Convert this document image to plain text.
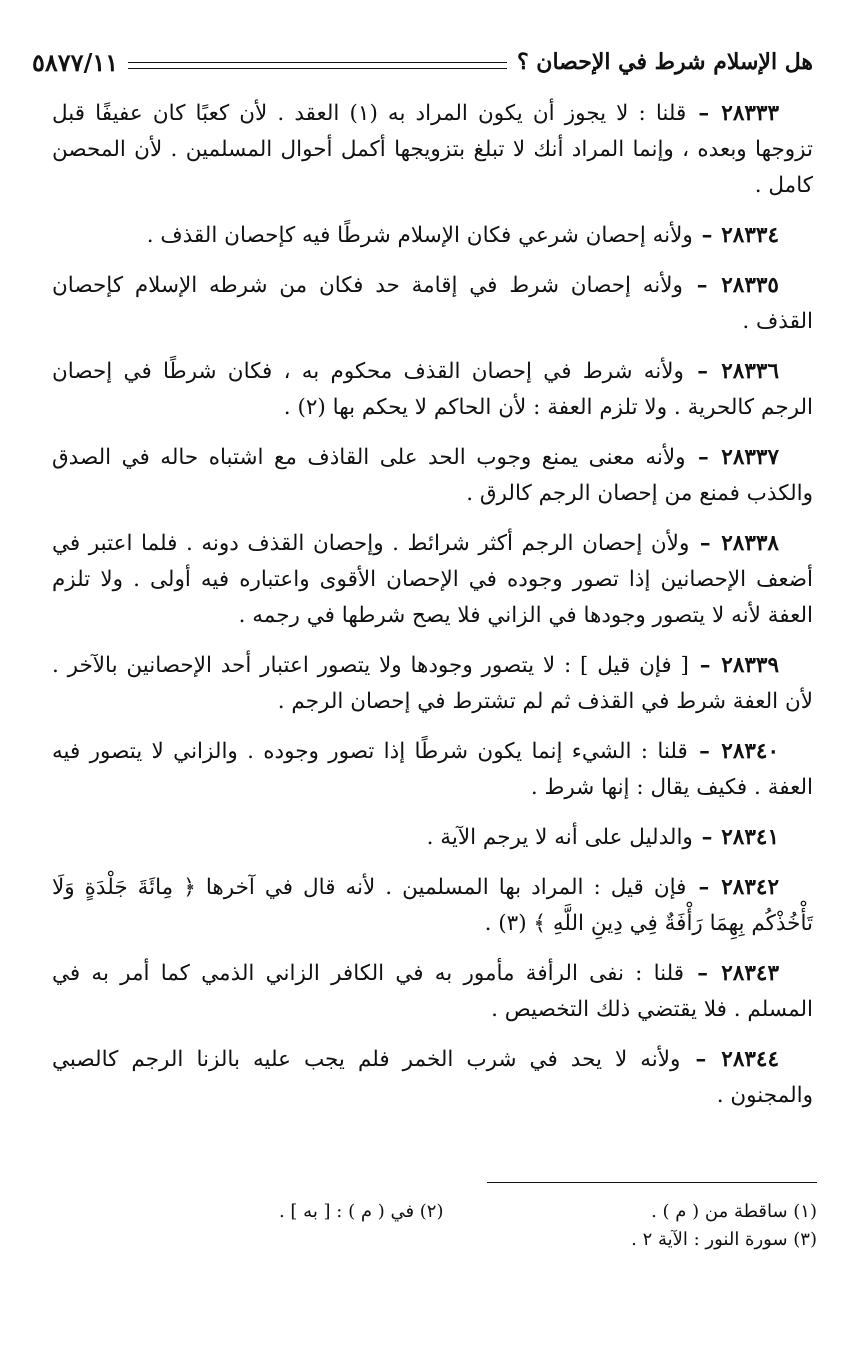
هل الإسلام شرط في الإحصان ؟
٥٨٧٧/١١

٢٨٣٣٣ – قلنا : لا يجوز أن يكون المراد به (١) العقد . لأن كعبًا كان عفيفًا قبل تزوجها وبعده ، وإنما المراد أنك لا تبلغ بتزويجها أكمل أحوال المسلمين . لأن المحصن كامل .

٢٨٣٣٤ – ولأنه إحصان شرعي فكان الإسلام شرطًا فيه كإحصان القذف .

٢٨٣٣٥ – ولأنه إحصان شرط في إقامة حد فكان من شرطه الإسلام كإحصان القذف .

٢٨٣٣٦ – ولأنه شرط في إحصان القذف محكوم به ، فكان شرطًا في إحصان الرجم كالحرية . ولا تلزم العفة : لأن الحاكم لا يحكم بها (٢) .

٢٨٣٣٧ – ولأنه معنى يمنع وجوب الحد على القاذف مع اشتباه حاله في الصدق والكذب فمنع من إحصان الرجم كالرق .

٢٨٣٣٨ – ولأن إحصان الرجم أكثر شرائط . وإحصان القذف دونه . فلما اعتبر في أضعف الإحصانين إذا تصور وجوده في الإحصان الأقوى واعتباره فيه أولى . ولا تلزم العفة لأنه لا يتصور وجودها في الزاني فلا يصح شرطها في رجمه .

٢٨٣٣٩ – [ فإن قيل ] : لا يتصور وجودها ولا يتصور اعتبار أحد الإحصانين بالآخر . لأن العفة شرط في القذف ثم لم تشترط في إحصان الرجم .

٢٨٣٤٠ – قلنا : الشيء إنما يكون شرطًا إذا تصور وجوده . والزاني لا يتصور فيه العفة . فكيف يقال : إنها شرط .

٢٨٣٤١ – والدليل على أنه لا يرجم الآية .

٢٨٣٤٢ – فإن قيل : المراد بها المسلمين . لأنه قال في آخرها ﴿ مِائَةَ جَلْدَةٍ وَلَا تَأْخُذْكُم بِهِمَا رَأْفَةٌ فِي دِينِ اللَّهِ ﴾ (٣) .

٢٨٣٤٣ – قلنا : نفى الرأفة مأمور به في الكافر الزاني الذمي كما أمر به في المسلم . فلا يقتضي ذلك التخصيص .

٢٨٣٤٤ – ولأنه لا يحد في شرب الخمر فلم يجب عليه بالزنا الرجم كالصبي والمجنون .

(١) ساقطة من ( م ) .
(٢) في ( م ) : [ به ] .
(٣) سورة النور : الآية ٢ .
